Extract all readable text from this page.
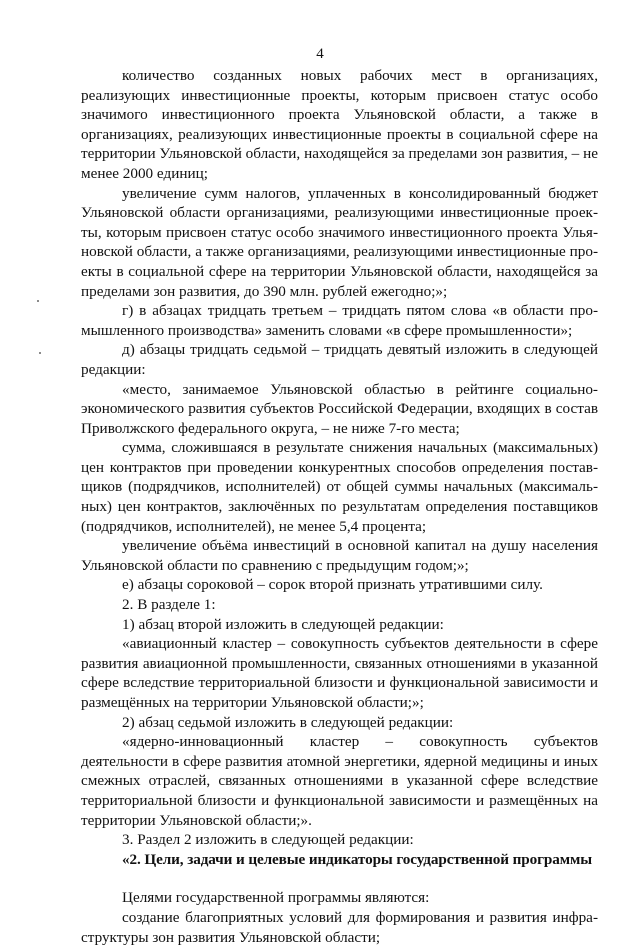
4

количество созданных новых рабочих мест в организациях, реализующих инвестиционные проекты, которым присвоен статус особо значимого инвестиционного проекта Ульяновской области, а также в организациях, реализующих инвестиционные проекты в социальной сфере на территории Ульяновской области, находящейся за пределами зон развития, – не менее 2000 единиц;

увеличение сумм налогов, уплаченных в консолидированный бюджет Ульяновской области организациями, реализующими инвестиционные проекты, которым присвоен статус особо значимого инвестиционного проекта Ульяновской области, а также организациями, реализующими инвестиционные проекты в социальной сфере на территории Ульяновской области, находящейся за пределами зон развития, до 390 млн. рублей ежегодно;»;

г) в абзацах тридцать третьем – тридцать пятом слова «в области промышленного производства» заменить словами «в сфере промышленности»;

д) абзацы тридцать седьмой – тридцать девятый изложить в следующей редакции:

«место, занимаемое Ульяновской областью в рейтинге социально-экономического развития субъектов Российской Федерации, входящих в состав Приволжского федерального округа, – не ниже 7-го места;

сумма, сложившаяся в результате снижения начальных (максимальных) цен контрактов при проведении конкурентных способов определения поставщиков (подрядчиков, исполнителей) от общей суммы начальных (максимальных) цен контрактов, заключённых по результатам определения поставщиков (подрядчиков, исполнителей), не менее 5,4 процента;

увеличение объёма инвестиций в основной капитал на душу населения Ульяновской области по сравнению с предыдущим годом;»;

е) абзацы сороковой – сорок второй признать утратившими силу.

2. В разделе 1:

1) абзац второй изложить в следующей редакции:

«авиационный кластер – совокупность субъектов деятельности в сфере развития авиационной промышленности, связанных отношениями в указанной сфере вследствие территориальной близости и функциональной зависимости и размещённых на территории Ульяновской области;»;

2) абзац седьмой изложить в следующей редакции:

«ядерно-инновационный кластер – совокупность субъектов деятельности в сфере развития атомной энергетики, ядерной медицины и иных смежных отраслей, связанных отношениями в указанной сфере вследствие территориальной близости и функциональной зависимости и размещённых на территории Ульяновской области;».

3. Раздел 2 изложить в следующей редакции:

«2. Цели, задачи и целевые индикаторы государственной программы

Целями государственной программы являются:

создание благоприятных условий для формирования и развития инфраструктуры зон развития Ульяновской области;
